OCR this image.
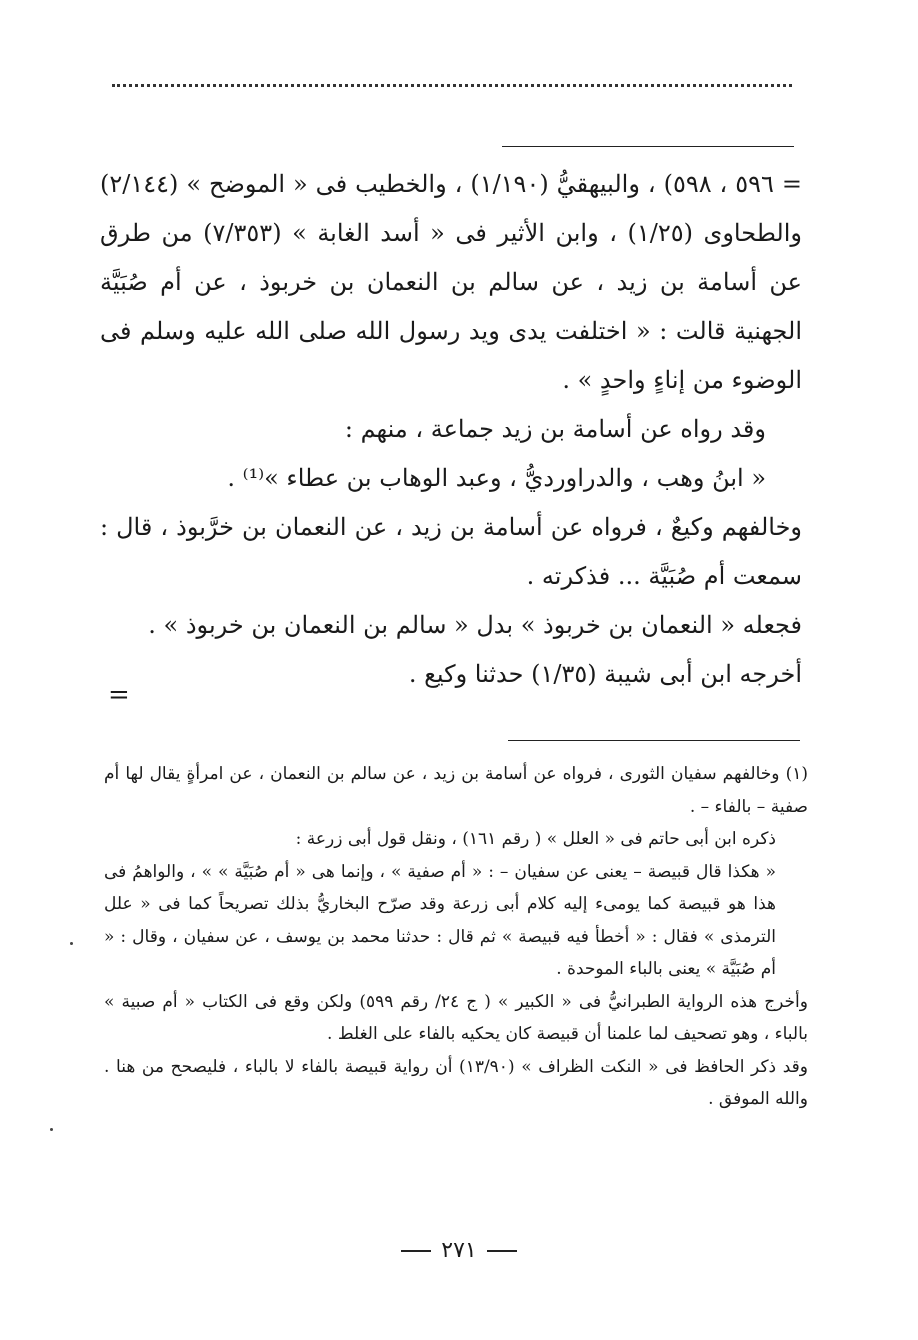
= ٥٩٦ ، ٥٩٨) ، والبيهقيُّ (١/١٩٠) ، والخطيب فى « الموضح » (٢/١٤٤) والطحاوى (١/٢٥) ، وابن الأثير فى « أسد الغابة » (٧/٣٥٣) من طرق عن أسامة بن زيد ، عن سالم بن النعمان بن خربوذ ، عن أم صُبَيَّة الجهنية قالت : « اختلفت يدى ويد رسول الله صلى الله عليه وسلم فى الوضوء من إناءٍ واحدٍ » .

وقد رواه عن أسامة بن زيد جماعة ، منهم :

« ابنُ وهب ، والدراورديُّ ، وعبد الوهاب بن عطاء »⁽¹⁾ .

وخالفهم وكيعٌ ، فرواه عن أسامة بن زيد ، عن النعمان بن خرَّبوذ ، قال : سمعت أم صُبَيَّة ... فذكرته .

فجعله « النعمان بن خربوذ » بدل « سالم بن النعمان بن خربوذ » .

أخرجه ابن أبى شيبة (١/٣٥) حدثنا وكيع .

=

(١) وخالفهم سفيان الثورى ، فرواه عن أسامة بن زيد ، عن سالم بن النعمان ، عن امرأةٍ يقال لها أم صفية – بالفاء – .

ذكره ابن أبى حاتم فى « العلل » ( رقم ١٦١) ، ونقل قول أبى زرعة :

« هكذا قال قبيصة – يعنى عن سفيان – : « أم صفية » ، وإنما هى « أم صُبَيَّة » » ، والواهمُ فى هذا هو قبيصة كما يومىء إليه كلام أبى زرعة وقد صرّح البخاريُّ بذلك تصريحاً كما فى « علل الترمذى » فقال : « أخطأ فيه قبيصة » ثم قال : حدثنا محمد بن يوسف ، عن سفيان ، وقال : « أم صُبَيَّة » يعنى بالباء الموحدة .

وأخرج هذه الرواية الطبرانيُّ فى « الكبير » ( ج ٢٤/ رقم ٥٩٩) ولكن وقع فى الكتاب « أم صبية » بالباء ، وهو تصحيف لما علمنا أن قبيصة كان يحكيه بالفاء على الغلط .

وقد ذكر الحافظ فى « النكت الظراف » (١٣/٩٠) أن رواية قبيصة بالفاء لا بالباء ، فليصحح من هنا . والله الموفق .

٢٧١
